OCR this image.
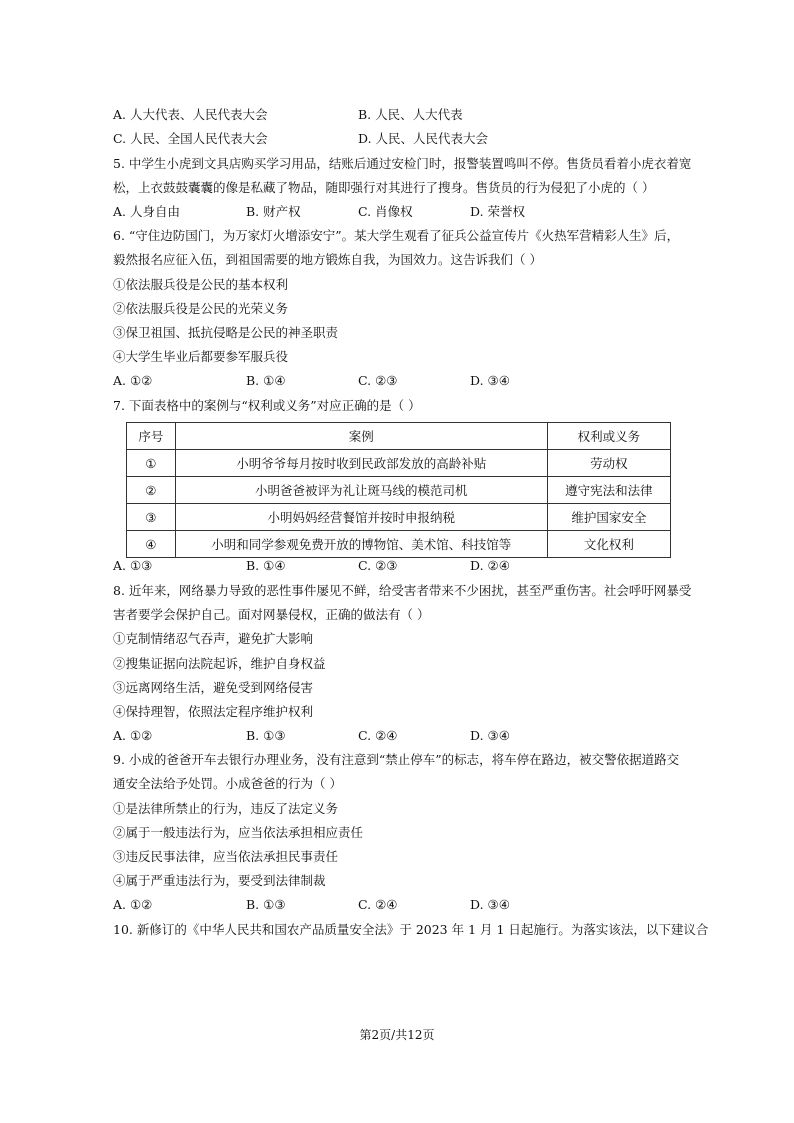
A. 人大代表、人民代表大会	B. 人民、人大代表
C. 人民、全国人民代表大会	D. 人民、人民代表大会
5. 中学生小虎到文具店购买学习用品，结账后通过安检门时，报警装置鸣叫不停。售货员看着小虎衣着宽
松，上衣鼓鼓囊囊的像是私藏了物品，随即强行对其进行了搜身。售货员的行为侵犯了小虎的（ ）
A. 人身自由	B. 财产权	C. 肖像权	D. 荣誉权
6. “守住边防国门，为万家灯火增添安宁”。某大学生观看了征兵公益宣传片《火热军营精彩人生》后，
毅然报名应征入伍，到祖国需要的地方锻炼自我，为国效力。这告诉我们（ ）
①依法服兵役是公民的基本权利
②依法服兵役是公民的光荣义务
③保卫祖国、抵抗侵略是公民的神圣职责
④大学生毕业后都要参军服兵役
A. ①②	B. ①④	C. ②③	D. ③④
7. 下面表格中的案例与“权利或义务”对应正确的是（ ）
序号	案例	权利或义务
①	小明爷爷每月按时收到民政部发放的高龄补贴	劳动权
②	小明爸爸被评为礼让斑马线的模范司机	遵守宪法和法律
③	小明妈妈经营餐馆并按时申报纳税	维护国家安全
④	小明和同学参观免费开放的博物馆、美术馆、科技馆等	文化权利
A. ①③	B. ①④	C. ②③	D. ②④
8. 近年来，网络暴力导致的恶性事件屡见不鲜，给受害者带来不少困扰，甚至严重伤害。社会呼吁网暴受
害者要学会保护自己。面对网暴侵权，正确的做法有（ ）
①克制情绪忍气吞声，避免扩大影响
②搜集证据向法院起诉，维护自身权益
③远离网络生活，避免受到网络侵害
④保持理智，依照法定程序维护权利
A. ①②	B. ①③	C. ②④	D. ③④
9. 小成的爸爸开车去银行办理业务，没有注意到“禁止停车”的标志，将车停在路边，被交警依据道路交
通安全法给予处罚。小成爸爸的行为（ ）
①是法律所禁止的行为，违反了法定义务
②属于一般违法行为，应当依法承担相应责任
③违反民事法律，应当依法承担民事责任
④属于严重违法行为，要受到法律制裁
A. ①②	B. ①③	C. ②④	D. ③④
10. 新修订的《中华人民共和国农产品质量安全法》于 2023 年 1 月 1 日起施行。为落实该法，以下建议合
第2页/共12页
